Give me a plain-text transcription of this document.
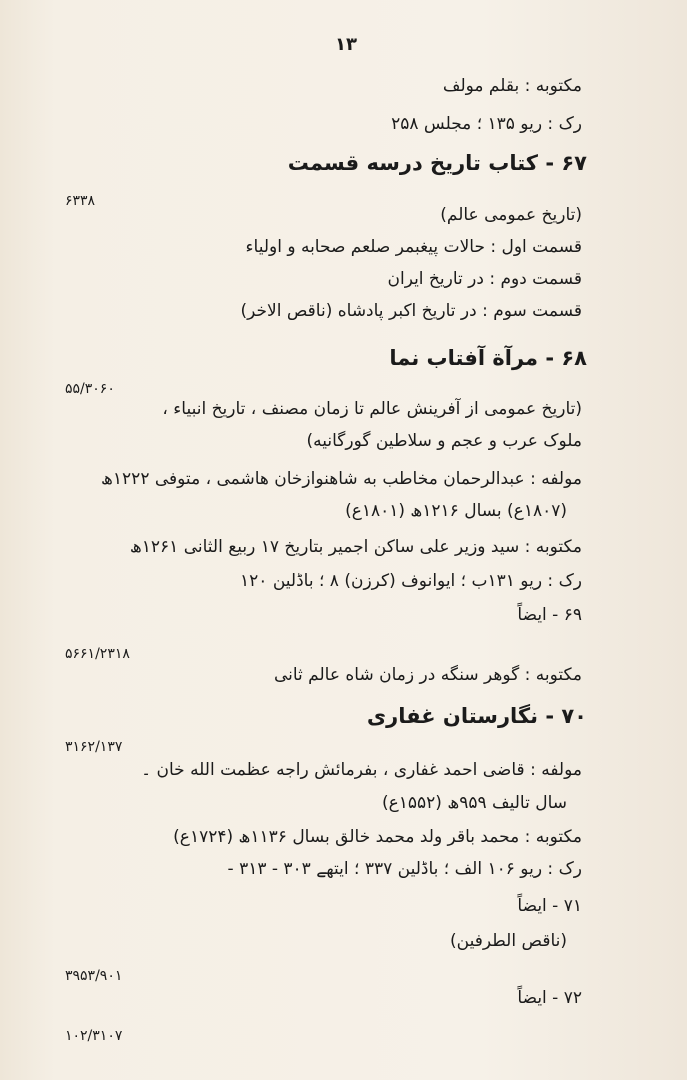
۱۳
مکتوبه : بقلم مولف
رک : ریو ۱۳۵ ؛ مجلس ۲۵۸
۶۷ - کتاب تاریخ درسه قسمت
۶۳۳۸
(تاریخ عمومی عالم)
قسمت اول : حالات پیغبمر صلعم صحابه و اولیاء
قسمت دوم : در تاریخ ایران
قسمت سوم : در تاریخ اکبر پادشاه (ناقص الاخر)
۶۸ - مرآة آفتاب نما
۵۵/۳۰۶۰
(تاریخ عمومی از آفرینش عالم تا زمان مصنف ، تاریخ انبیاء ،
ملوک عرب و عجم و سلاطین گورگانیه)
مولفه : عبدالرحمان مخاطب به شاهنوازخان هاشمی ، متوفی ۱۲۲۲ھ
(۱۸۰۷ع) بسال ۱۲۱۶ھ (۱۸۰۱ع)
مکتوبه : سید وزیر علی ساکن اجمیر بتاریخ ۱۷ ربیع الثانی ۱۲۶۱ھ
رک : ریو ۱۳۱ب ؛ ایوانوف (کرزن) ۸ ؛ باڈلین ۱۲۰
۶۹ - ایضاً
۵۶۶۱/۲۳۱۸
مکتوبه : گوهر سنگه در زمان شاه عالم ثانی
۷۰ - نگارستان غفاری
۳۱۶۲/۱۳۷
مولفه : قاضی احمد غفاری ، بفرمائش راجه عظمت الله خان ۔
سال تالیف ۹۵۹ھ (۱۵۵۲ع)
مکتوبه : محمد باقر ولد محمد خالق بسال ۱۱۳۶ھ (۱۷۲۴ع)
رک : ریو ۱۰۶ الف ؛ باڈلین ۳۳۷ ؛ ایتھے ۳۰۳ - ۳۱۳ -
۷۱ - ایضاً
(ناقص الطرفین)
۳۹۵۳/۹۰۱
۷۲ - ایضاً
۱۰۲/۳۱۰۷
